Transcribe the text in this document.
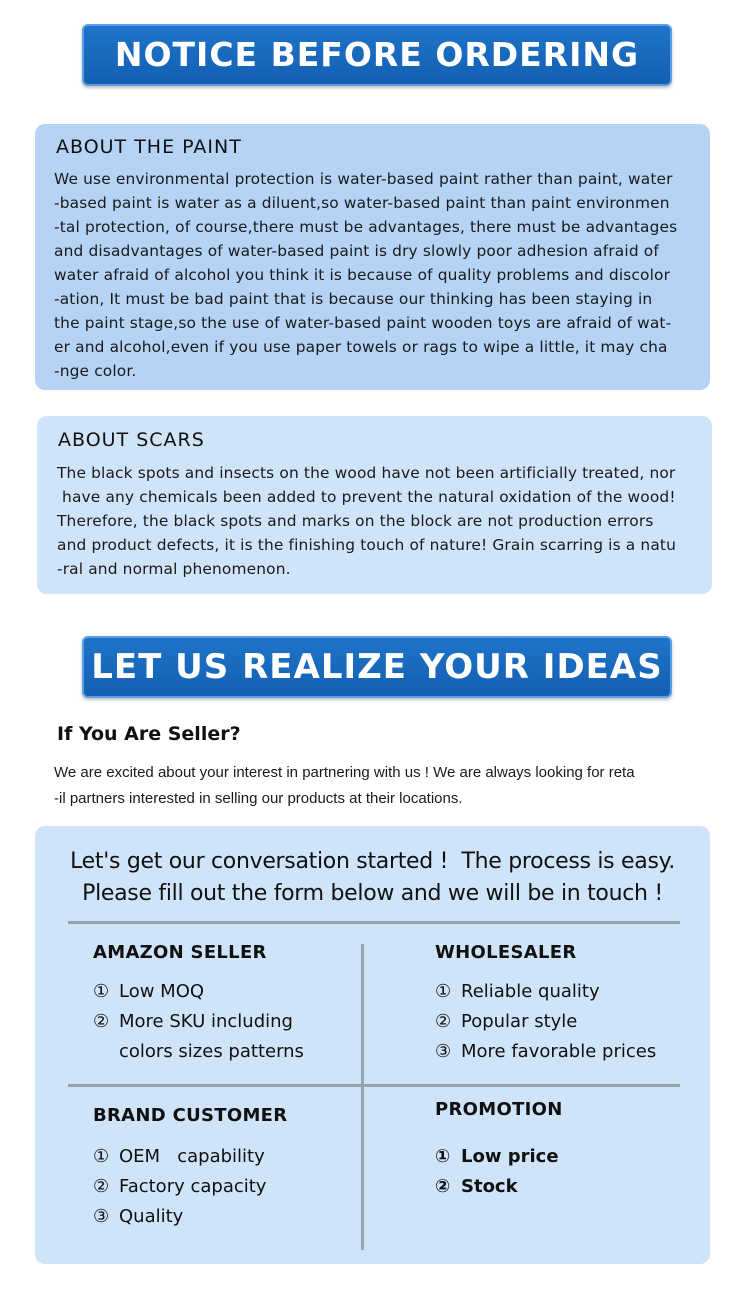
NOTICE BEFORE ORDERING
ABOUT THE PAINT
We use environmental protection is water-based paint rather than paint, water
-based paint is water as a diluent,so water-based paint than paint environmen
-tal protection, of course,there must be advantages, there must be advantages
and disadvantages of water-based paint is dry slowly poor adhesion afraid of
water afraid of alcohol you think it is because of quality problems and discolor
-ation, It must be bad paint that is because our thinking has been staying in
the paint stage,so the use of water-based paint wooden toys are afraid of wat-
er and alcohol,even if you use paper towels or rags to wipe a little, it may cha
-nge color.
ABOUT SCARS
The black spots and insects on the wood have not been artificially treated, nor
have any chemicals been added to prevent the natural oxidation of the wood!
Therefore, the black spots and marks on the block are not production errors
and product defects, it is the finishing touch of nature! Grain scarring is a natu
-ral and normal phenomenon.
LET US REALIZE YOUR IDEAS
If You Are Seller?
We are excited about your interest in partnering with us ! We are always looking for reta
-il partners interested in selling our products at their locations.
Let's get our conversation started !  The process is easy.
Please fill out the form below and we will be in touch !
AMAZON SELLER
① Low MOQ
② More SKU including
colors sizes patterns
WHOLESALER
① Reliable quality
② Popular style
③ More favorable prices
BRAND CUSTOMER
① OEM   capability
② Factory capacity
③ Quality
PROMOTION
① Low price
② Stock
